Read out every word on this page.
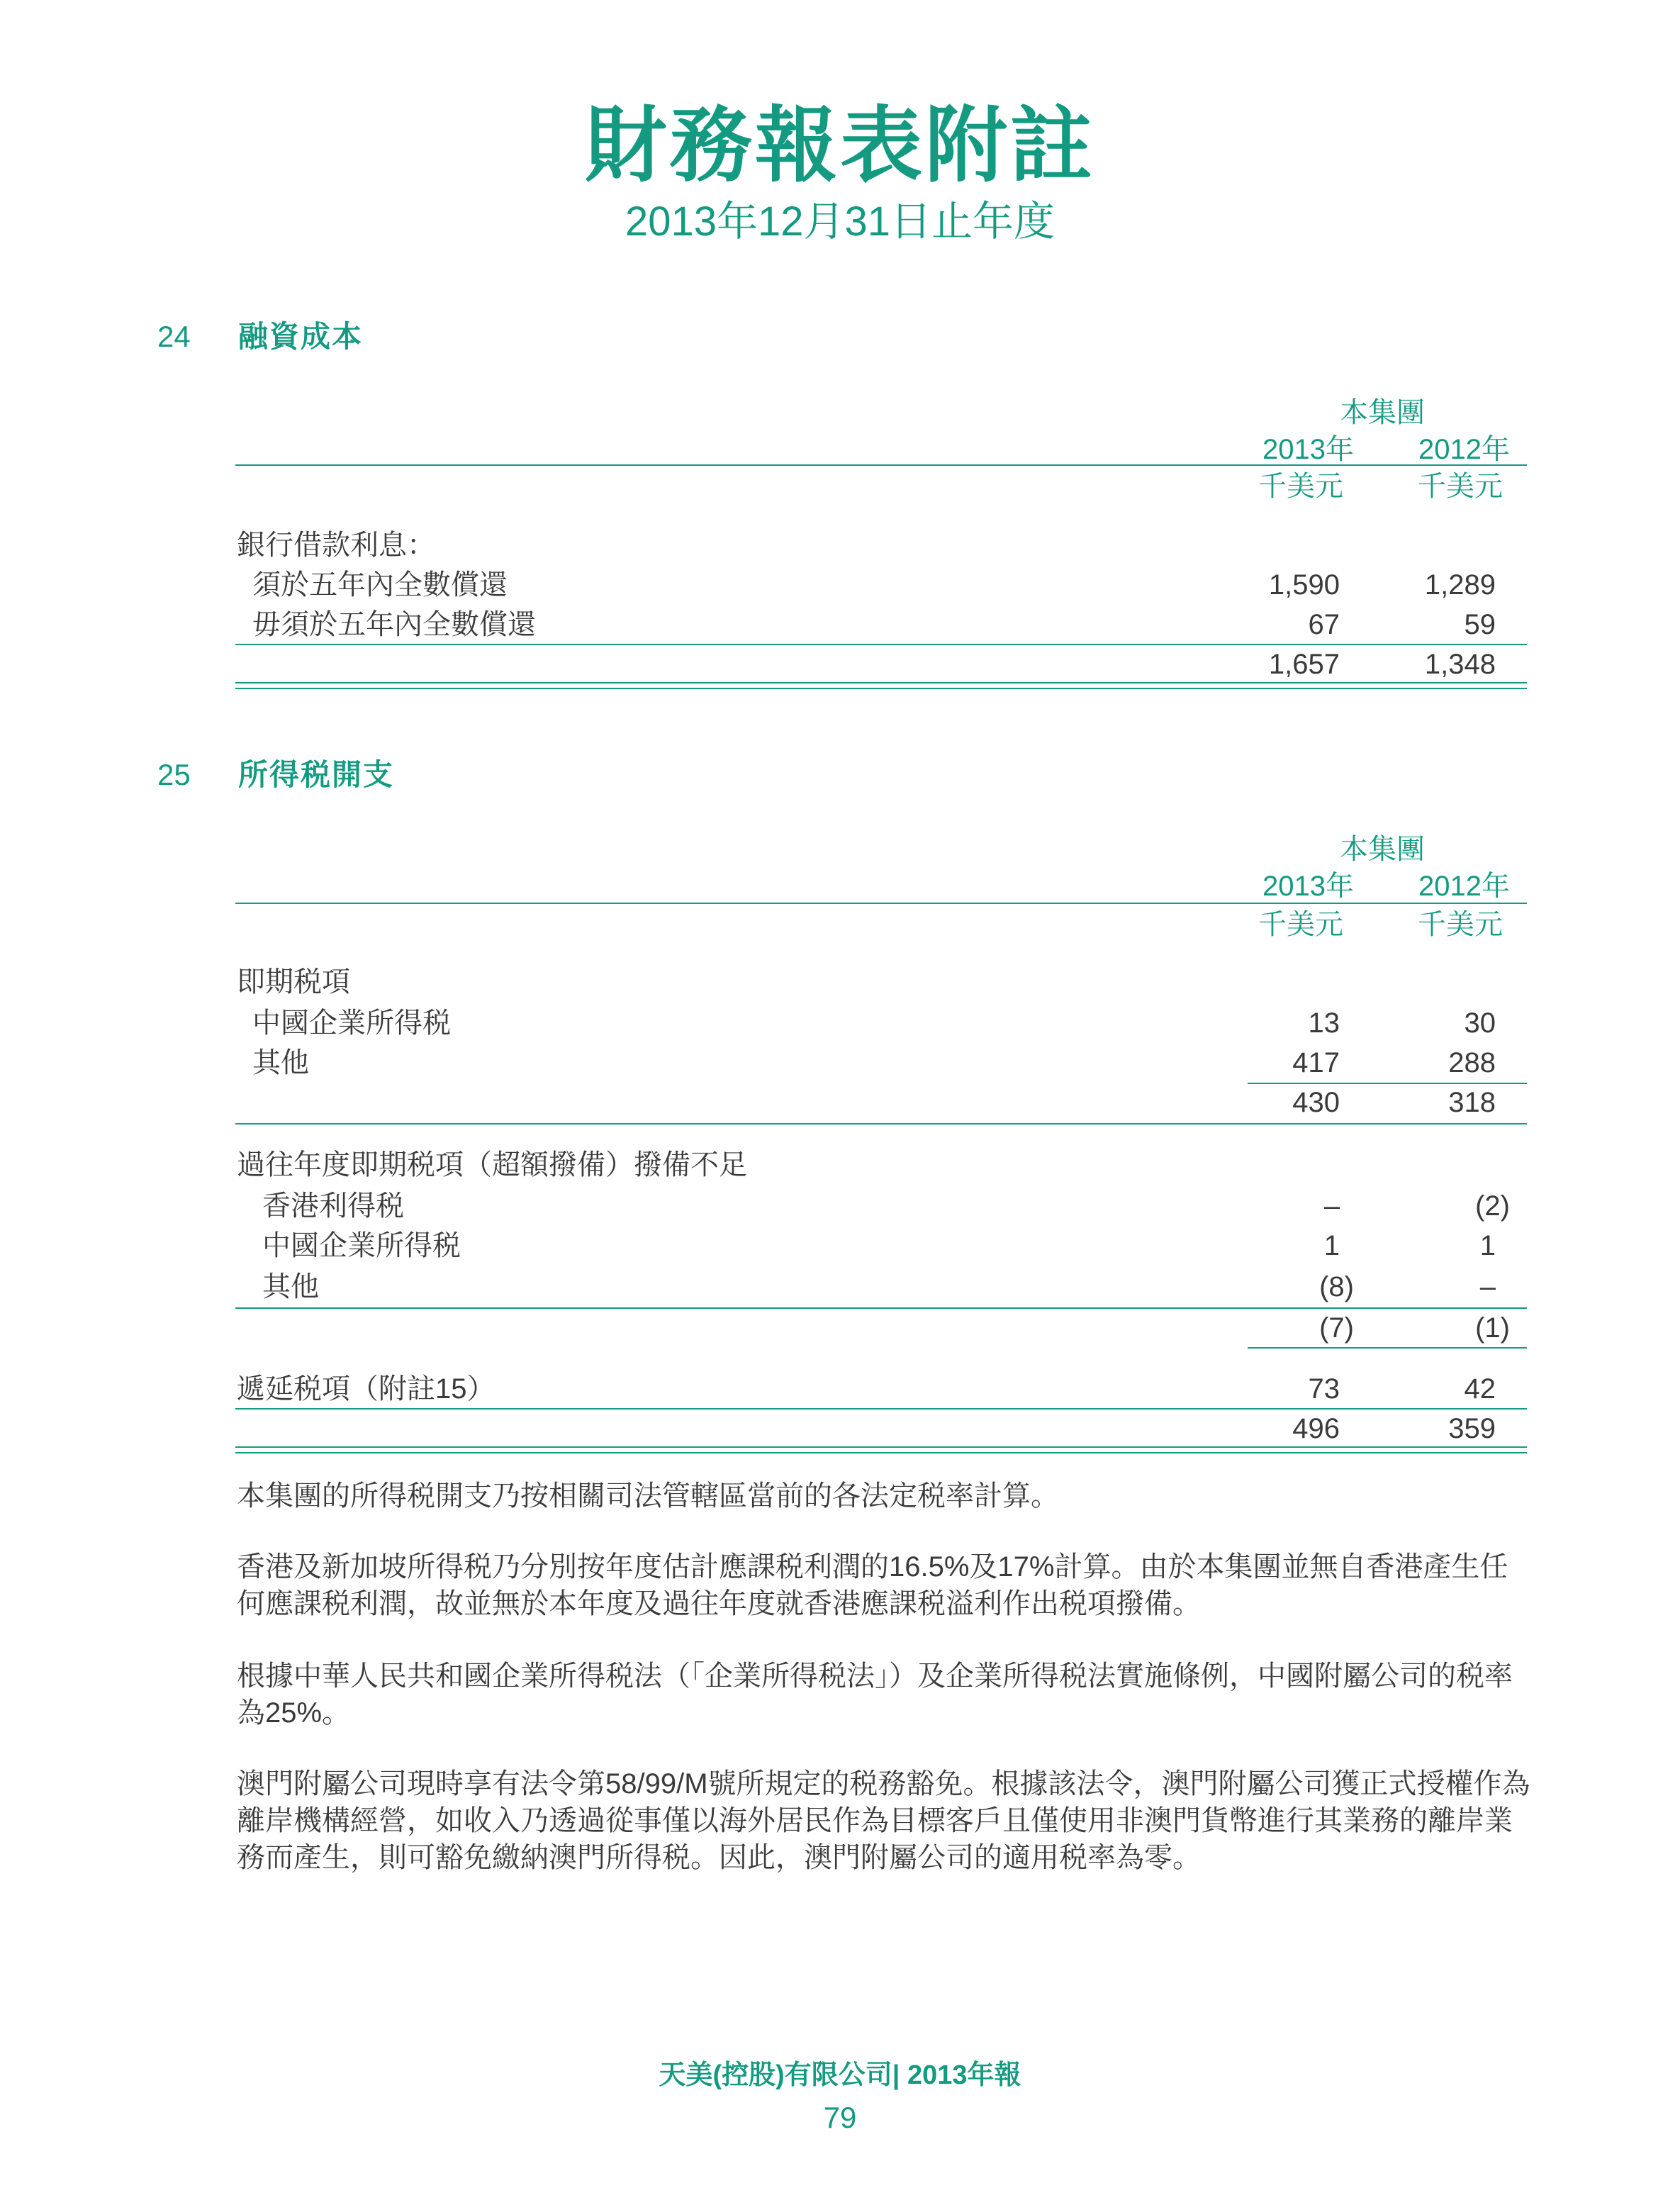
財務報表附註
2013年12月31日止年度
24 融資成本
本集團
2013年	2012年
千美元	千美元
銀行借款利息：
須於五年內全數償還	1,590	1,289
毋須於五年內全數償還	67	59
1,657	1,348
25 所得税開支
本集團
2013年	2012年
千美元	千美元
即期税項
中國企業所得税	13	30
其他	417	288
430	318
過往年度即期税項（超額撥備）撥備不足
香港利得税	–	(2)
中國企業所得税	1	1
其他	(8)	–
(7)	(1)
遞延税項（附註15）	73	42
496	359
本集團的所得税開支乃按相關司法管轄區當前的各法定税率計算。
香港及新加坡所得税乃分別按年度估計應課税利潤的16.5%及17%計算。由於本集團並無自香港產生任何應課税利潤，故並無於本年度及過往年度就香港應課税溢利作出税項撥備。
根據中華人民共和國企業所得税法（「企業所得税法」）及企業所得税法實施條例，中國附屬公司的税率為25%。
澳門附屬公司現時享有法令第58/99/M號所規定的税務豁免。根據該法令，澳門附屬公司獲正式授權作為離岸機構經營，如收入乃透過從事僅以海外居民作為目標客戶且僅使用非澳門貨幣進行其業務的離岸業務而產生，則可豁免繳納澳門所得税。因此，澳門附屬公司的適用税率為零。
天美(控股)有限公司| 2013年報
79
